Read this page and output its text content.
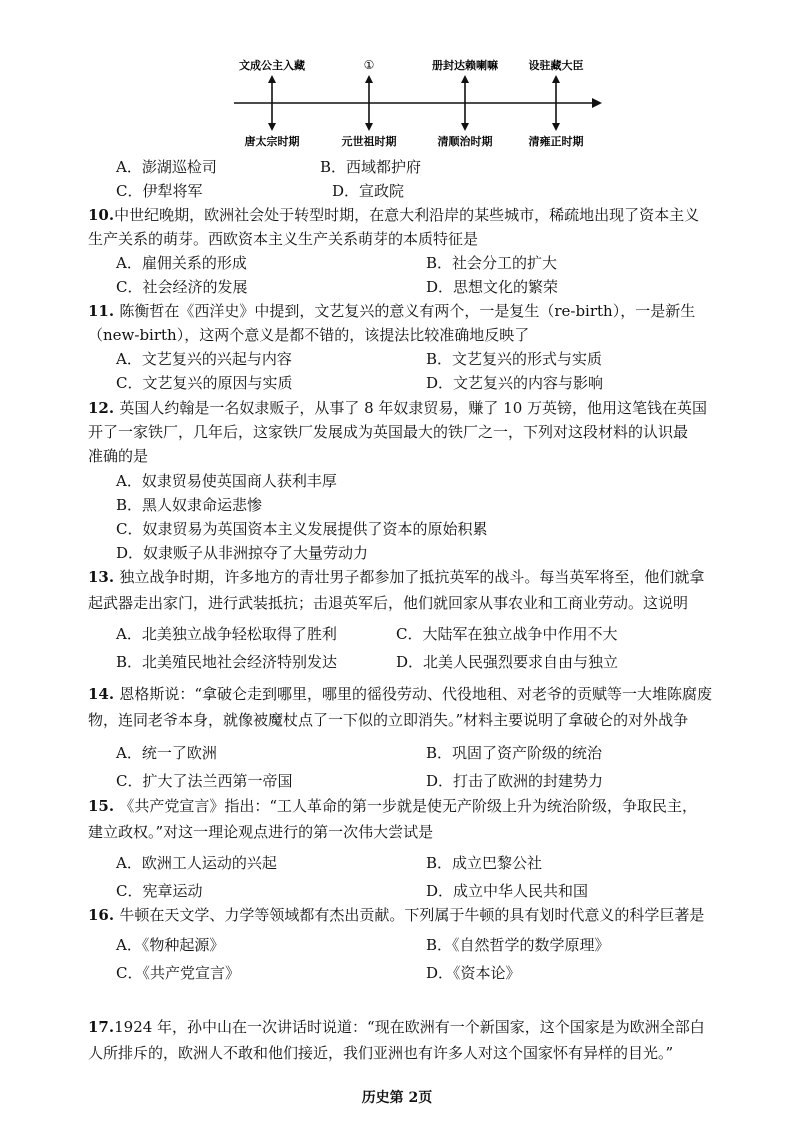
文成公主入藏	①	册封达赖喇嘛	设驻藏大臣
唐太宗时期	元世祖时期	清顺治时期	清雍正时期
A．澎湖巡检司	B．西域都护府
C．伊犁将军	D．宣政院
10.中世纪晚期，欧洲社会处于转型时期，在意大利沿岸的某些城市，稀疏地出现了资本主义
生产关系的萌芽。西欧资本主义生产关系萌芽的本质特征是
A．雇佣关系的形成	B．社会分工的扩大
C．社会经济的发展	D．思想文化的繁荣
11. 陈衡哲在《西洋史》中提到，文艺复兴的意义有两个，一是复生（re-birth），一是新生
（new-birth），这两个意义是都不错的，该提法比较准确地反映了
A．文艺复兴的兴起与内容	B．文艺复兴的形式与实质
C．文艺复兴的原因与实质	D．文艺复兴的内容与影响
12. 英国人约翰是一名奴隶贩子，从事了 8 年奴隶贸易，赚了 10 万英镑，他用这笔钱在英国
开了一家铁厂，几年后，这家铁厂发展成为英国最大的铁厂之一，下列对这段材料的认识最
准确的是
A．奴隶贸易使英国商人获利丰厚
B．黑人奴隶命运悲惨
C．奴隶贸易为英国资本主义发展提供了资本的原始积累
D．奴隶贩子从非洲掠夺了大量劳动力
13. 独立战争时期，许多地方的青壮男子都参加了抵抗英军的战斗。每当英军将至，他们就拿
起武器走出家门，进行武装抵抗；击退英军后，他们就回家从事农业和工商业劳动。这说明
A．北美独立战争轻松取得了胜利	C．大陆军在独立战争中作用不大
B．北美殖民地社会经济特别发达	D．北美人民强烈要求自由与独立
14. 恩格斯说：“拿破仑走到哪里，哪里的徭役劳动、代役地租、对老爷的贡赋等一大堆陈腐废
物，连同老爷本身，就像被魔杖点了一下似的立即消失。”材料主要说明了拿破仑的对外战争
A．统一了欧洲	B．巩固了资产阶级的统治
C．扩大了法兰西第一帝国	D．打击了欧洲的封建势力
15. 《共产党宣言》指出：“工人革命的第一步就是使无产阶级上升为统治阶级，争取民主，
建立政权。”对这一理论观点进行的第一次伟大尝试是
A．欧洲工人运动的兴起	B．成立巴黎公社
C．宪章运动	D．成立中华人民共和国
16. 牛顿在天文学、力学等领域都有杰出贡献。下列属于牛顿的具有划时代意义的科学巨著是
A．《物种起源》	B．《自然哲学的数学原理》
C．《共产党宣言》	D．《资本论》
17.1924 年，孙中山在一次讲话时说道：“现在欧洲有一个新国家，这个国家是为欧洲全部白
人所排斥的，欧洲人不敢和他们接近，我们亚洲也有许多人对这个国家怀有异样的目光。”
历史第 2页
